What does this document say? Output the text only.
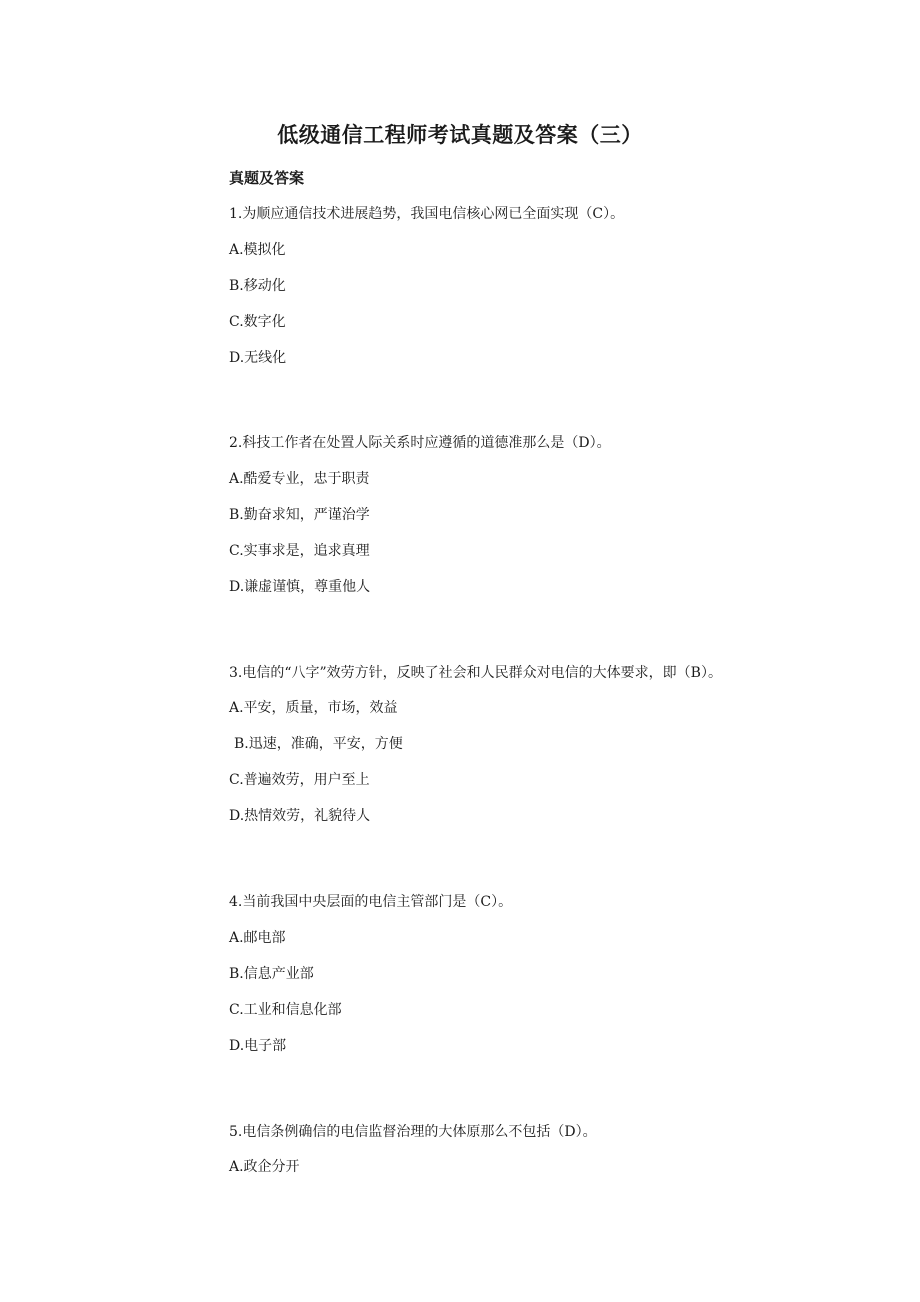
低级通信工程师考试真题及答案（三）
真题及答案
1.为顺应通信技术进展趋势，我国电信核心网已全面实现（C）。
A.模拟化
B.移动化
C.数字化
D.无线化
2.科技工作者在处置人际关系时应遵循的道德准那么是（D）。
A.酷爱专业，忠于职责
B.勤奋求知，严谨治学
C.实事求是，追求真理
D.谦虚谨慎，尊重他人
3.电信的“八字”效劳方针，反映了社会和人民群众对电信的大体要求，即（B）。
A.平安，质量，市场，效益
B.迅速，准确，平安，方便
C.普遍效劳，用户至上
D.热情效劳，礼貌待人
4.当前我国中央层面的电信主管部门是（C）。
A.邮电部
B.信息产业部
C.工业和信息化部
D.电子部
5.电信条例确信的电信监督治理的大体原那么不包括（D）。
A.政企分开
